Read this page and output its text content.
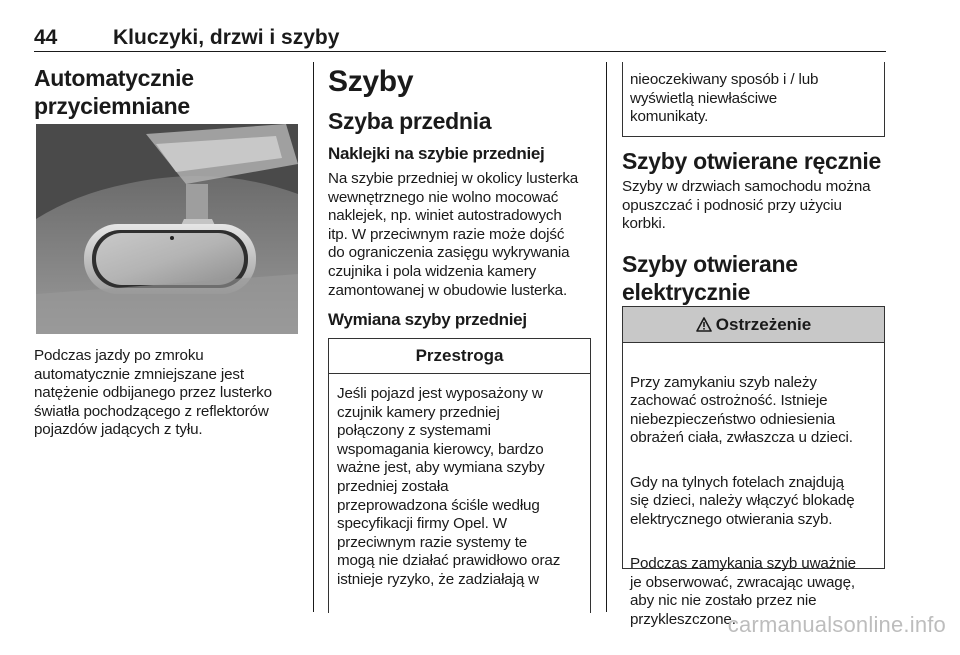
44	Kluczyki, drzwi i szyby
Automatycznie
przyciemniane
Podczas jazdy po zmroku
automatycznie zmniejszane jest
natężenie odbijanego przez lusterko
światła pochodzącego z reflektorów
pojazdów jadących z tyłu.
Szyby
Szyba przednia
Naklejki na szybie przedniej
Na szybie przedniej w okolicy lusterka
wewnętrznego nie wolno mocować
naklejek, np. winiet autostradowych
itp. W przeciwnym razie może dojść
do ograniczenia zasięgu wykrywania
czujnika i pola widzenia kamery
zamontowanej w obudowie lusterka.
Wymiana szyby przedniej
Przestroga
Jeśli pojazd jest wyposażony w
czujnik kamery przedniej
połączony z systemami
wspomagania kierowcy, bardzo
ważne jest, aby wymiana szyby
przedniej została
przeprowadzona ściśle według
specyfikacji firmy Opel. W
przeciwnym razie systemy te
mogą nie działać prawidłowo oraz
istnieje ryzyko, że zadziałają w
nieoczekiwany sposób i / lub
wyświetlą niewłaściwe
komunikaty.
Szyby otwierane ręcznie
Szyby w drzwiach samochodu można
opuszczać i podnosić przy użyciu
korbki.
Szyby otwierane
elektrycznie
Ostrzeżenie

Przy zamykaniu szyb należy
zachować ostrożność. Istnieje
niebezpieczeństwo odniesienia
obrażeń ciała, zwłaszcza u dzieci.

Gdy na tylnych fotelach znajdują
się dzieci, należy włączyć blokadę
elektrycznego otwierania szyb.

Podczas zamykania szyb uważnie
je obserwować, zwracając uwagę,
aby nic nie zostało przez nie
przykleszczone.

carmanualsonline.info
